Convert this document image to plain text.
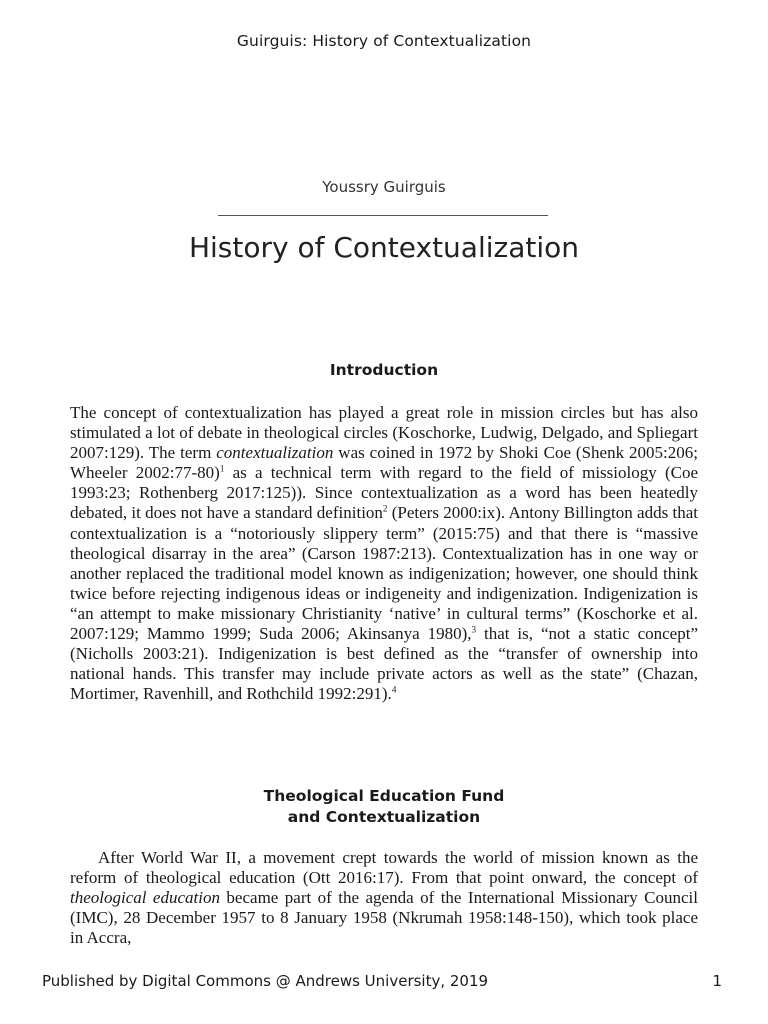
Guirguis: History of Contextualization
Youssry Guirguis
History of Contextualization
Introduction

The concept of contextualization has played a great role in mission circles but has also stimulated a lot of debate in theological circles (Koschorke, Ludwig, Delgado, and Spliegart 2007:129). The term contextualization was coined in 1972 by Shoki Coe (Shenk 2005:206; Wheeler 2002:77-80)$^1$ as a technical term with regard to the field of missiology (Coe 1993:23; Rothenberg 2017:125)). Since contextualization as a word has been heatedly debated, it does not have a standard definition$^2$ (Peters 2000:ix). Antony Billington adds that contextualization is a “notoriously slippery term” (2015:75) and that there is “massive theological disarray in the area” (Carson 1987:213). Contextualization has in one way or another replaced the traditional model known as indigenization; however, one should think twice before rejecting indigenous ideas or indigeneity and indigenization. Indigenization is “an attempt to make missionary Christianity ‘native’ in cultural terms” (Koschorke et al. 2007:129; Mammo 1999; Suda 2006; Akinsanya 1980),$^3$ that is, “not a static concept” (Nicholls 2003:21). Indigenization is best defined as the “transfer of ownership into national hands. This transfer may include private actors as well as the state” (Chazan, Mortimer, Ravenhill, and Rothchild 1992:291).$^4$

Theological Education Fund
and Contextualization

After World War II, a movement crept towards the world of mission known as the reform of theological education (Ott 2016:17). From that point onward, the concept of theological education became part of the agenda of the International Missionary Council (IMC), 28 December 1957 to 8 January 1958 (Nkrumah 1958:148-150), which took place in Accra,

Published by Digital Commons @ Andrews University, 2019	1
